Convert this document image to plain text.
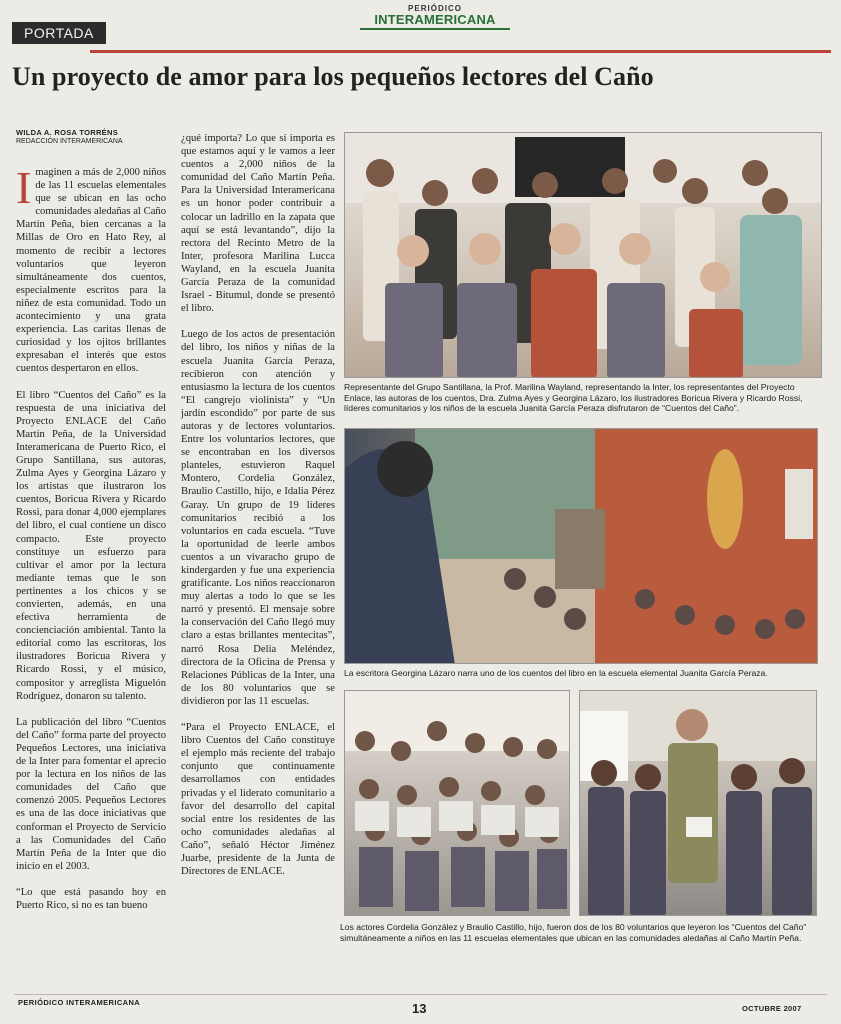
PERIÓDICO
INTERAMERICANA
PORTADA
Un proyecto de amor para los pequeños lectores del Caño
WILDA A. ROSA TORRÉNS
REDACCIÓN INTERAMERICANA

Imaginen a más de 2,000 niños de las 11 escuelas elementales que se ubican en las ocho comunidades aledañas al Caño Martín Peña, bien cercanas a la Millas de Oro en Hato Rey, al momento de recibir a lectores voluntarios que leyeron simultáneamente dos cuentos, especialmente escritos para la niñez de esta comunidad. Todo un acontecimiento y una grata experiencia. Las caritas llenas de curiosidad y los ojitos brillantes expresaban el interés que estos cuentos despertaron en ellos.

El libro “Cuentos del Caño” es la respuesta de una iniciativa del Proyecto ENLACE del Caño Martín Peña, de la Universidad Interamericana de Puerto Rico, el Grupo Santillana, sus autoras, Zulma Ayes y Georgina Lázaro y los artistas que ilustraron los cuentos, Boricua Rivera y Ricardo Rossi, para donar 4,000 ejemplares del libro, el cual contiene un disco compacto. Este proyecto constituye un esfuerzo para cultivar el amor por la lectura mediante temas que le son pertinentes a los chicos y se convierten, además, en una efectiva herramienta de concienciación ambiental. Tanto la editorial como las escritoras, los ilustradores Boricua Rivera y Ricardo Rossi, y el músico, compositor y arreglista Miguelón Rodríguez, donaron su talento.

La publicación del libro “Cuentos del Caño” forma parte del proyecto Pequeños Lectores, una iniciativa de la Inter para fomentar el aprecio por la lectura en los niños de las comunidades del Caño que comenzó 2005. Pequeños Lectores es una de las doce iniciativas que conforman el Proyecto de Servicio a las Comunidades del Caño Martín Peña de la Inter que dio inicio en el 2003.

“Lo que está pasando hoy en Puerto Rico, si no es tan bueno

¿qué importa? Lo que sí importa es que estamos aquí y le vamos a leer cuentos a 2,000 niños de la comunidad del Caño Martín Peña. Para la Universidad Interamericana es un honor poder contribuir a colocar un ladrillo en la zapata que aquí se está levantando”, dijo la rectora del Recinto Metro de la Inter, profesora Marilina Lucca Wayland, en la escuela Juanita García Peraza de la comunidad Israel - Bitumul, donde se presentó el libro.

Luego de los actos de presentación del libro, los niños y niñas de la escuela Juanita García Peraza, recibieron con atención y entusiasmo la lectura de los cuentos “El cangrejo violinista” y “Un jardín escondido” por parte de sus autoras y de lectores voluntarios. Entre los voluntarios lectores, que se encontraban en los diversos planteles, estuvieron Raquel Montero, Cordelia González, Braulio Castillo, hijo, e Idalia Pérez Garay. Un grupo de 19 líderes comunitarios recibió a los voluntarios en cada escuela. “Tuve la oportunidad de leerle ambos cuentos a un vivaracho grupo de kindergarden y fue una experiencia gratificante. Los niños reaccionaron muy alertas a todo lo que se les narró y presentó. El mensaje sobre la conservación del Caño llegó muy claro a estas brillantes mentecitas”, narró Rosa Delia Meléndez, directora de la Oficina de Prensa y Relaciones Públicas de la Inter, una de los 80 voluntarios que se dividieron por las 11 escuelas.

“Para el Proyecto ENLACE, el libro Cuentos del Caño constituye el ejemplo más reciente del trabajo conjunto que continuamente desarrollamos con entidades privadas y el liderato comunitario a favor del desarrollo del capital social entre los residentes de las ocho comunidades aledañas al Caño”, señaló Héctor Jiménez Juarbe, presidente de la Junta de Directores de ENLACE.

Representante del Grupo Santillana, la Prof. Marilina Wayland, representando la Inter, los representantes del Proyecto Enlace, las autoras de los cuentos, Dra. Zulma Ayes y Georgina Lázaro, los ilustradores Boricua Rivera y Ricardo Rossi, líderes comunitarios y los niños de la escuela Juanita García Peraza disfrutaron de “Cuentos del Caño”.
La escritora Georgina Lázaro narra uno de los cuentos del libro en la escuela elemental Juanita García Peraza.
Los actores Cordelia González y Braulio Castillo, hijo, fueron dos de los 80 voluntarios que leyeron los “Cuentos del Caño” simultáneamente a niños en las 11 escuelas elementales que ubican en las comunidades aledañas al Caño Martín Peña.
PERIÓDICO INTERAMERICANA	13	OCTUBRE 2007
